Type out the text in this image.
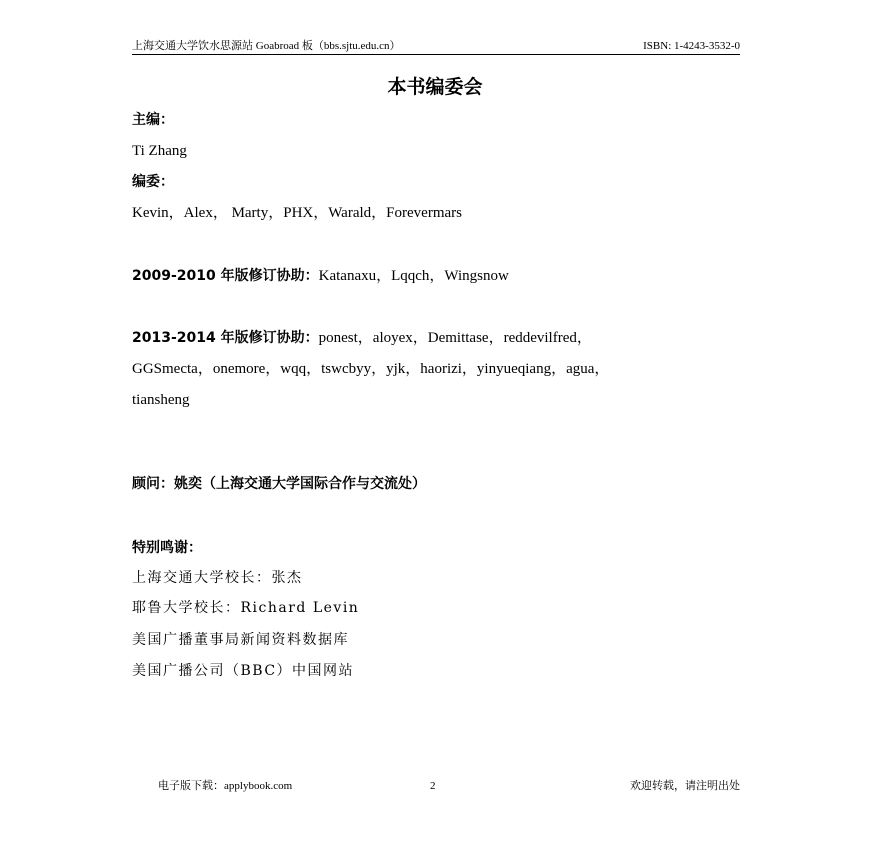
上海交通大学饮水思源站 Goabroad 板（bbs.sjtu.edu.cn）	ISBN: 1-4243-3532-0
本书编委会
主编：
Ti Zhang
编委：
Kevin，Alex， Marty，PHX，Warald，Forevermars
2009-2010 年版修订协助：Katanaxu，Lqqch，Wingsnow
2013-2014 年版修订协助：ponest，aloyex，Demittase，reddevilfred，
GGSmecta，onemore，wqq，tswcbyy，yjk，haorizi，yinyueqiang，agua，
tiansheng
顾问：姚奕（上海交通大学国际合作与交流处）
特别鸣谢：
上海交通大学校长：张杰
耶鲁大学校长：Richard Levin
美国广播董事局新闻资料数据库
美国广播公司（BBC）中国网站
电子版下载：applybook.com	2	欢迎转载，请注明出处
